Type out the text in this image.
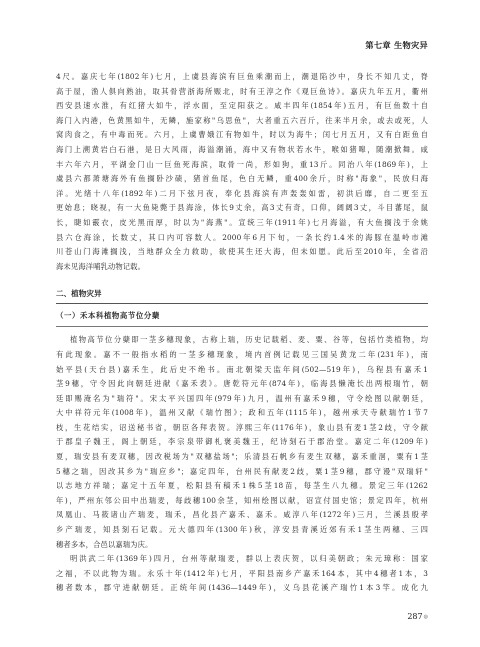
第七章 生物灾异

4尺。嘉庆七年(1802年)七月，上虞县海滨有巨鱼乘潮而上，潮退陷沙中，身长不知几丈，脊

高于屋，渔人俱向熟油，取其骨营浙海所赈北，时有王淳之作《观巨鱼诗》。嘉庆九年五月，衢州

西安县速水淮，有红猪大如牛，浮水面，至定阳获之。咸丰四年(1854年)五月，有巨鱼数十自

海门入内港，色黄黑如牛，无鳞，施家称"乌思鱼"，大者重五六百斤，往来半月余，或去或死，人

窝肉食之，有中毒而死。六月，上虞曹娥江有物如牛，时以为海牛；闰七月五月，又有白距鱼自

海门上溯黄岩白石港，是日大风雨，海溢潮涌，海中又有物状若水牛，喉如猪嗥，随潮掀舞。咸

丰六年六月，平湖金门山一巨鱼死海滨，取骨一尚，形如狗，重13斤。同治八年(1869年)，上

虞县六都萧塘海外有鱼搁卧沙碛，猪首鱼尾，色白无鳞，重400余斤，时称"海象"，民放归海

洋。光绪十八年(1892年)二月下弦月夜，奉化县海滨有声轰轰如雷，初洪后靡，自二更至五

更始息；晓视，有一大鱼毙斃于县海涂，体长9丈余，高3丈有奇，口仰，阔阔3丈，斗目蕃尾，鼠

长，睫如霰衣，皮光黑而厚，时以为"海燕"。宣统三年(1911年)七月海溢，有大鱼搁浅于余姚

县六仓海涂，长数丈，其口内可容数人。2000年6月下旬，一条长约1.4米的海豚在温岭市滩

川苍山门海滩搁浅，当地群众全力救助，欲使其生还大海，但未如愿。此后至2010年，全省沿

海未见海洋哺乳动物记载。

二、植物灾异
（一）禾本科植物高节位分蘖

植物高节位分蘖即一茎多穗现象，古称上瑞，历史记载稻、麦、粟、谷等，包括竹类植物，均

有此现象。嘉不一般指水稻的一茎多穗现象，境内首例记载见三国吴黄龙二年(231年)，南

始平县(天台县)嘉禾生，此后史不绝书。南北朝梁天监年间(502—519年)，乌程县有嘉禾1

茎9穗，守令因此向朝廷进献《嘉禾表》。唐乾符元年(874年)，临海县懒淹长出两根瑞竹，朝

廷即赐淹名为"瑞符"。宋太平兴国四年(979年)九月，温州有嘉禾9穗，守令绘图以献朝廷，

大中祥符元年(1008年)，温州又献《瑞竹图》；政和五年(1115年)，越州承天寺献瑞竹1节7

枝，生花结实，诏送秘书省，朝臣各拜表贺。淳熙三年(1176年)，象山县有麦1茎2歧，守令献

于郡皇子魏王，阁上朝廷，李宗泉带御札褒美魏王，纪诗刻石于郡治堂。嘉定二年(1209年)

夏，瑞安县有麦双穗，因改税场为"双穗盐场"；乐清县石帆乡有麦生双穗，嘉禾重洄，粟有1茎

5穗之瑞，因改其乡为"瑞应乡"；嘉定四年，台州民有献麦2歧，粟1茎9穗，郡守谩"双瑞轩"

以志地方祥瑞；嘉定十五年夏，松阳县有稿禾1株5茎18苗，每茎生八九穗。景定三年(1262

年)，严州东邻公田中出瑞麦，每歧穗100余茎，知州绘图以献，诏宣付国史馆；景定四年，杭州

凤凰山、马筱诸山产瑞麦，瑞禾，昌化县产嘉禾、嘉禾。咸淳八年(1272年)三月，兰溪县殷孝

乡产瑞麦，知县刻石记载。元大德四年(1300年)秋，淳安县青溪近郊有禾1茎生两穗、三四

穗者多本，合邑以嘉瑞为庆。

明洪武二年(1369年)四月，台州等献瑞麦，群以上表庆贺，以归美朝政；朱元璋称：国家

之福，不以此物为瑞。永乐十年(1412年)七月，平阳县南乡产嘉禾164本，其中4穗者1本，3

穗者数本，郡守进献朝廷。正统年间(1436—1449年)，义乌县花溪产瑞竹1本3竿。成化九

287◎
